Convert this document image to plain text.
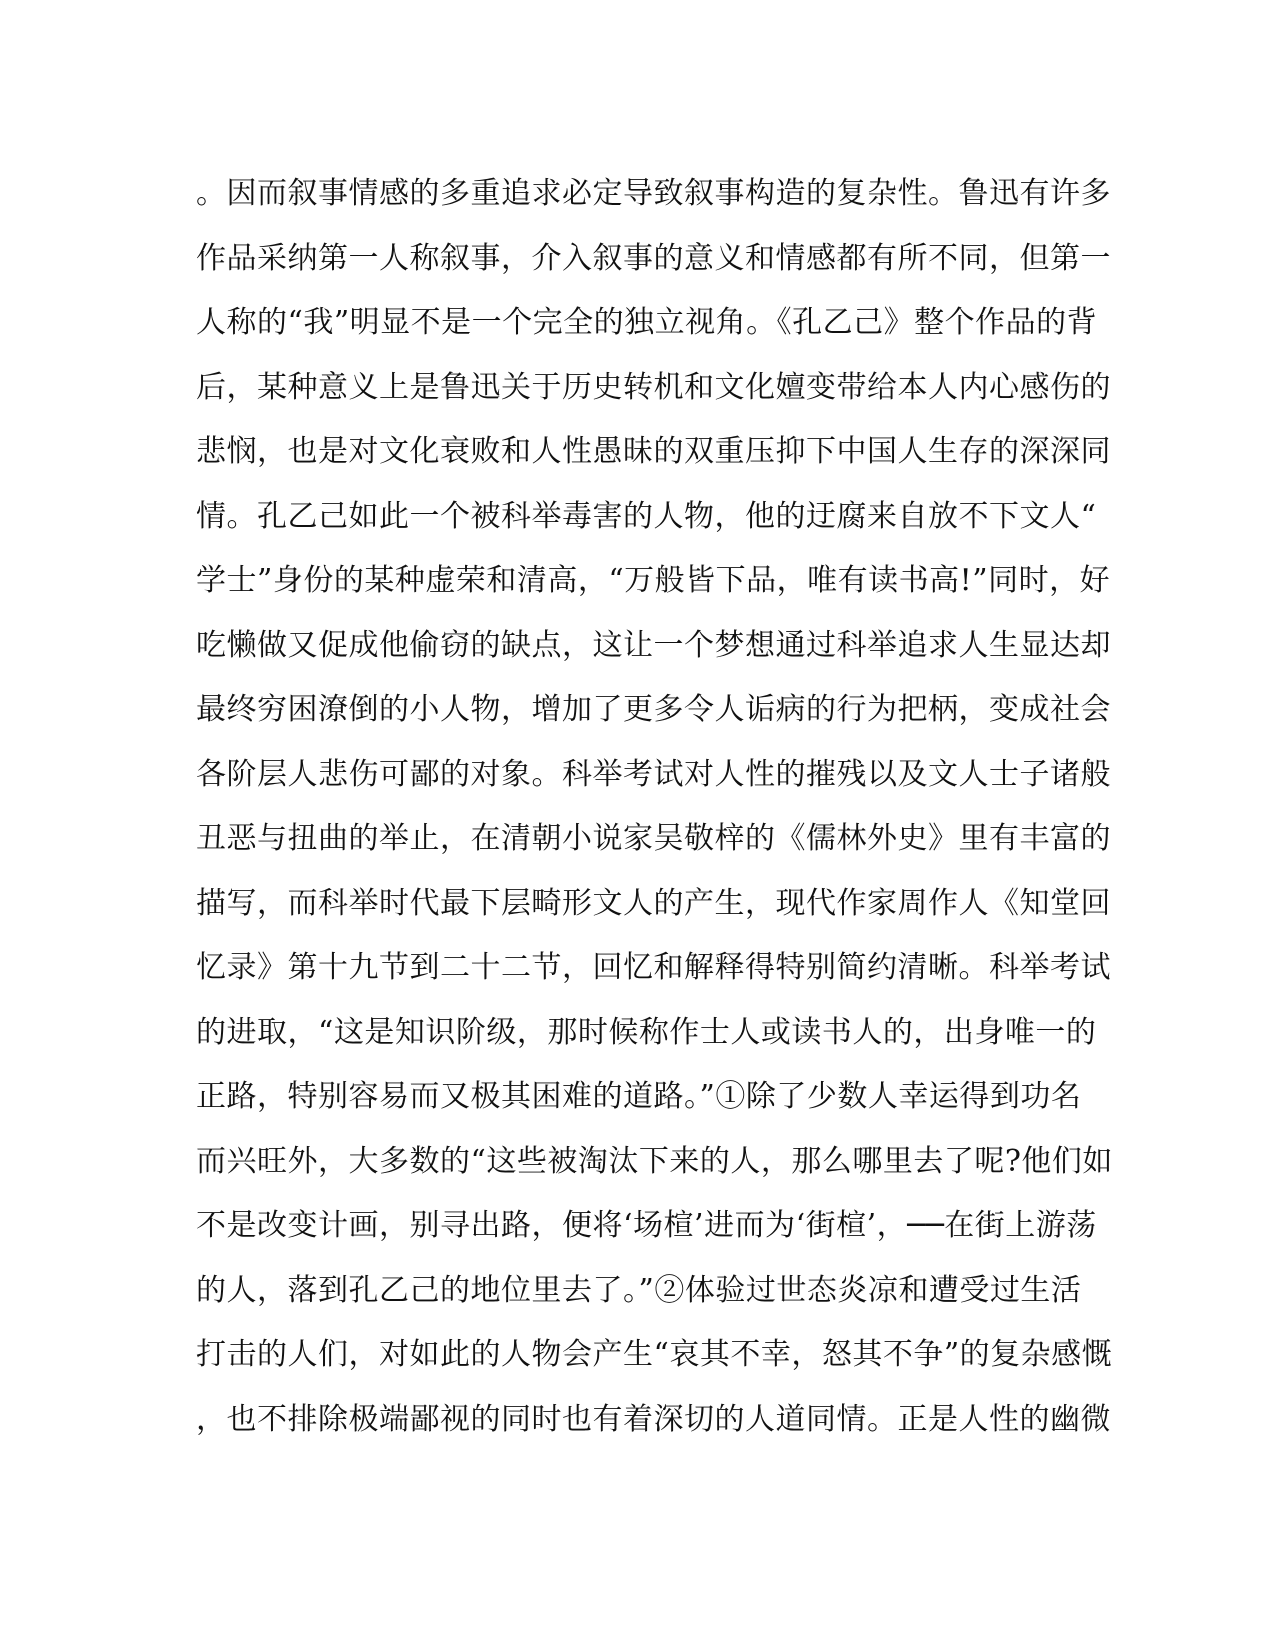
。因而叙事情感的多重追求必定导致叙事构造的复杂性。鲁迅有许多
作品采纳第一人称叙事，介入叙事的意义和情感都有所不同，但第一
人称的“我”明显不是一个完全的独立视角。《孔乙己》整个作品的背
后，某种意义上是鲁迅关于历史转机和文化嬗变带给本人内心感伤的
悲悯，也是对文化衰败和人性愚昧的双重压抑下中国人生存的深深同
情。孔乙己如此一个被科举毒害的人物，他的迂腐来自放不下文人“
学士”身份的某种虚荣和清高，“万般皆下品，唯有读书高!”同时，好
吃懒做又促成他偷窃的缺点，这让一个梦想通过科举追求人生显达却
最终穷困潦倒的小人物，增加了更多令人诟病的行为把柄，变成社会
各阶层人悲伤可鄙的对象。科举考试对人性的摧残以及文人士子诸般
丑恶与扭曲的举止，在清朝小说家吴敬梓的《儒林外史》里有丰富的
描写，而科举时代最下层畸形文人的产生，现代作家周作人《知堂回
忆录》第十九节到二十二节，回忆和解释得特别简约清晰。科举考试
的进取，“这是知识阶级，那时候称作士人或读书人的，出身唯一的
正路，特别容易而又极其困难的道路。”①除了少数人幸运得到功名
而兴旺外，大多数的“这些被淘汰下来的人，那么哪里去了呢?他们如
不是改变计画，别寻出路，便将‘场楦’进而为‘街楦’，──在街上游荡
的人，落到孔乙己的地位里去了。”②体验过世态炎凉和遭受过生活
打击的人们，对如此的人物会产生“哀其不幸，怒其不争”的复杂感慨
，也不排除极端鄙视的同时也有着深切的人道同情。正是人性的幽微
